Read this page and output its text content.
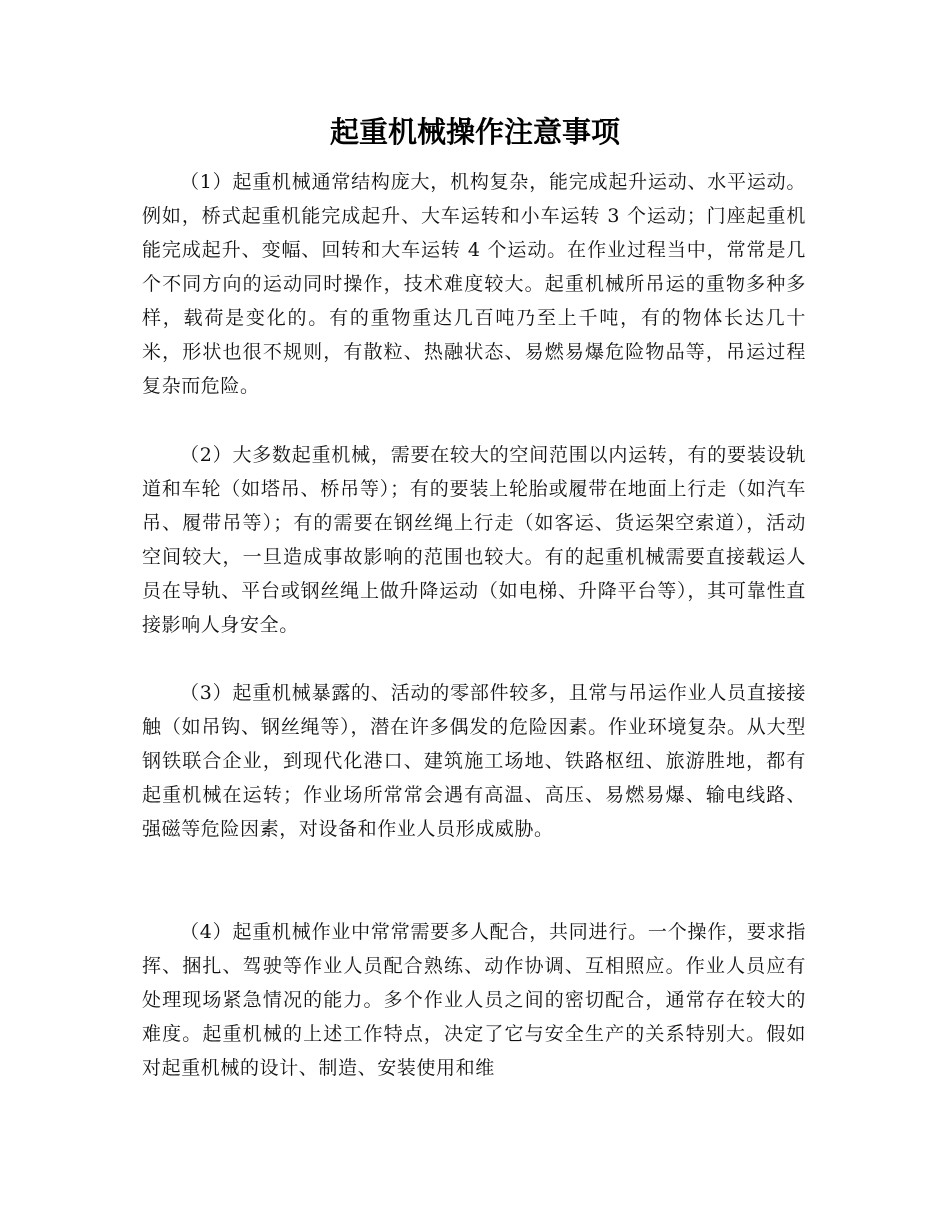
起重机械操作注意事项

（1）起重机械通常结构庞大，机构复杂，能完成起升运动、水平运动。例如，桥式起重机能完成起升、大车运转和小车运转 3 个运动；门座起重机能完成起升、变幅、回转和大车运转 4 个运动。在作业过程当中，常常是几个不同方向的运动同时操作，技术难度较大。起重机械所吊运的重物多种多样，载荷是变化的。有的重物重达几百吨乃至上千吨，有的物体长达几十米，形状也很不规则，有散粒、热融状态、易燃易爆危险物品等，吊运过程复杂而危险。

（2）大多数起重机械，需要在较大的空间范围以内运转，有的要装设轨道和车轮（如塔吊、桥吊等）；有的要装上轮胎或履带在地面上行走（如汽车吊、履带吊等）；有的需要在钢丝绳上行走（如客运、货运架空索道），活动空间较大，一旦造成事故影响的范围也较大。有的起重机械需要直接载运人员在导轨、平台或钢丝绳上做升降运动（如电梯、升降平台等），其可靠性直接影响人身安全。

（3）起重机械暴露的、活动的零部件较多，且常与吊运作业人员直接接触（如吊钩、钢丝绳等），潜在许多偶发的危险因素。作业环境复杂。从大型钢铁联合企业，到现代化港口、建筑施工场地、铁路枢纽、旅游胜地，都有起重机械在运转；作业场所常常会遇有高温、高压、易燃易爆、输电线路、强磁等危险因素，对设备和作业人员形成威胁。

（4）起重机械作业中常常需要多人配合，共同进行。一个操作，要求指挥、捆扎、驾驶等作业人员配合熟练、动作协调、互相照应。作业人员应有处理现场紧急情况的能力。多个作业人员之间的密切配合，通常存在较大的难度。起重机械的上述工作特点，决定了它与安全生产的关系特别大。假如对起重机械的设计、制造、安装使用和维
